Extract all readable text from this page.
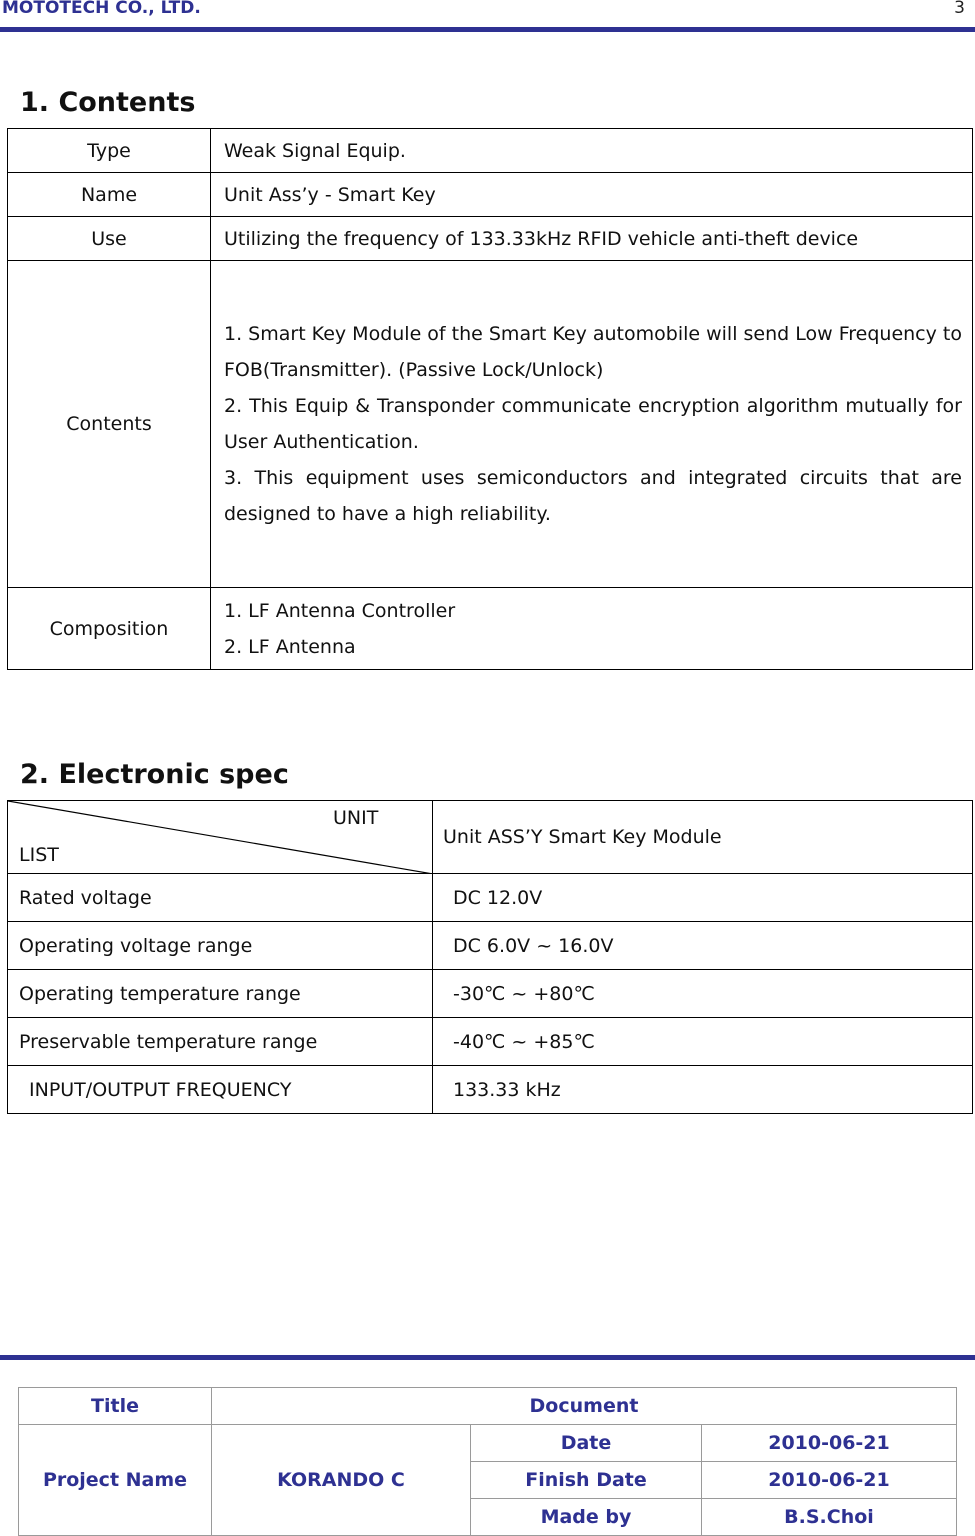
MOTOTECH CO., LTD.	3
1. Contents
Type	Weak Signal Equip.
Name	Unit Ass’y - Smart Key
Use	Utilizing the frequency of 133.33kHz RFID vehicle anti-theft device
Contents	1. Smart Key Module of the Smart Key automobile will send Low Frequency to FOB(Transmitter). (Passive Lock/Unlock)

2. This Equip & Transponder communicate encryption algorithm mutually for User Authentication.

3. This equipment uses semiconductors and integrated circuits that are designed to have a high reliability.

Composition	1. LF Antenna Controller

2. LF Antenna

2. Electronic spec
UNIT
LIST	Unit ASS’Y Smart Key Module
Rated voltage	DC 12.0V
Operating voltage range	DC 6.0V ~ 16.0V
Operating temperature range	-30℃ ~ +80℃
Preservable temperature range	-40℃ ~ +85℃
INPUT/OUTPUT FREQUENCY	133.33 kHz
Title	Document		
Project Name	KORANDO C	Date	2010-06-21
		Finish Date	2010-06-21
		Made by	B.S.Choi
